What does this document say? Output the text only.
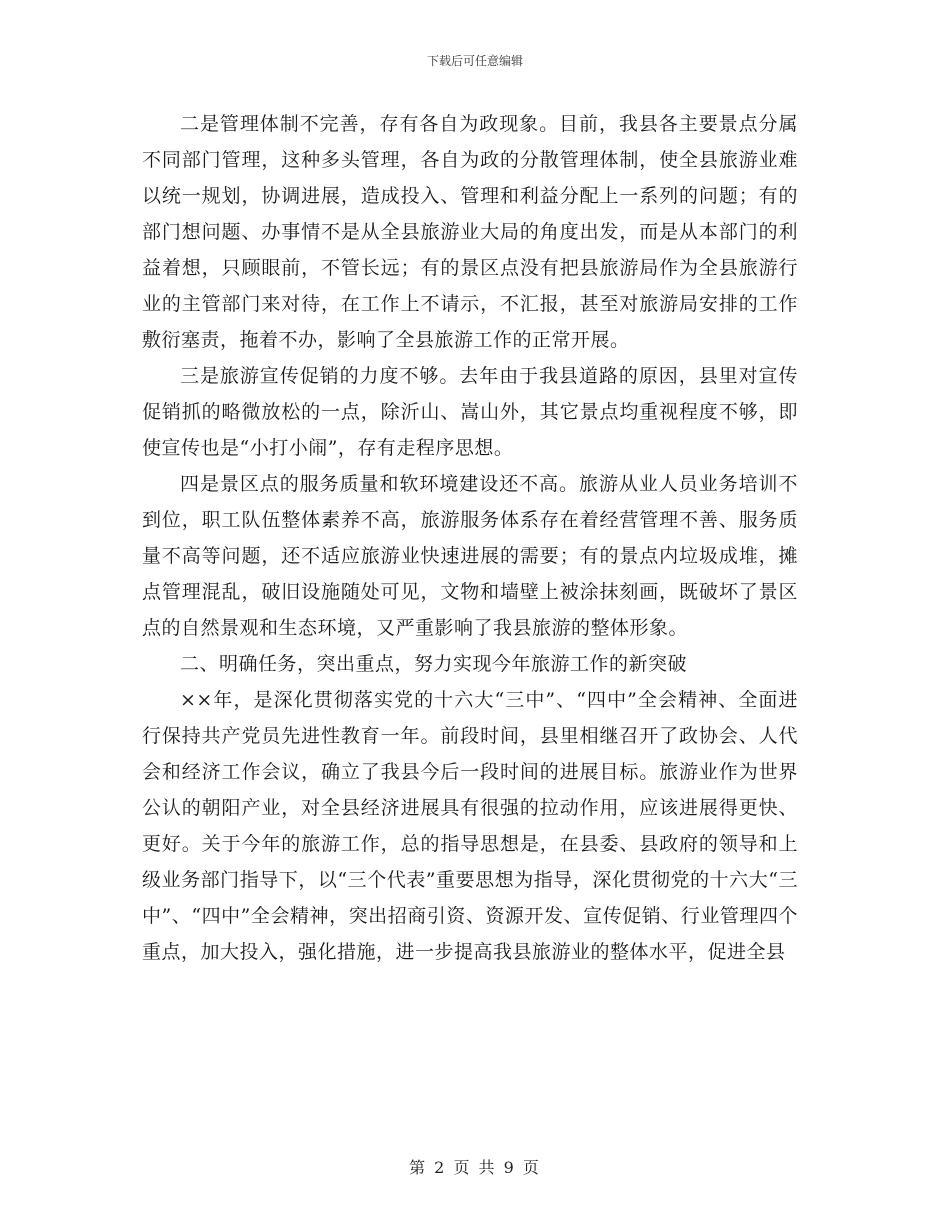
下载后可任意编辑

二是管理体制不完善，存有各自为政现象。目前，我县各主要景点分属不同部门管理，这种多头管理，各自为政的分散管理体制，使全县旅游业难以统一规划，协调进展，造成投入、管理和利益分配上一系列的问题；有的部门想问题、办事情不是从全县旅游业大局的角度出发，而是从本部门的利益着想，只顾眼前，不管长远；有的景区点没有把县旅游局作为全县旅游行业的主管部门来对待，在工作上不请示，不汇报，甚至对旅游局安排的工作敷衍塞责，拖着不办，影响了全县旅游工作的正常开展。

三是旅游宣传促销的力度不够。去年由于我县道路的原因，县里对宣传促销抓的略微放松的一点，除沂山、嵩山外，其它景点均重视程度不够，即使宣传也是“小打小闹”，存有走程序思想。

四是景区点的服务质量和软环境建设还不高。旅游从业人员业务培训不到位，职工队伍整体素养不高，旅游服务体系存在着经营管理不善、服务质量不高等问题，还不适应旅游业快速进展的需要；有的景点内垃圾成堆，摊点管理混乱，破旧设施随处可见，文物和墙壁上被涂抹刻画，既破坏了景区点的自然景观和生态环境，又严重影响了我县旅游的整体形象。

二、明确任务，突出重点，努力实现今年旅游工作的新突破

××年，是深化贯彻落实党的十六大“三中”、“四中”全会精神、全面进行保持共产党员先进性教育一年。前段时间，县里相继召开了政协会、人代会和经济工作会议，确立了我县今后一段时间的进展目标。旅游业作为世界公认的朝阳产业，对全县经济进展具有很强的拉动作用，应该进展得更快、更好。关于今年的旅游工作，总的指导思想是，在县委、县政府的领导和上级业务部门指导下，以“三个代表”重要思想为指导，深化贯彻党的十六大“三中”、“四中”全会精神，突出招商引资、资源开发、宣传促销、行业管理四个重点，加大投入，强化措施，进一步提高我县旅游业的整体水平，促进全县

第 2 页 共 9 页
